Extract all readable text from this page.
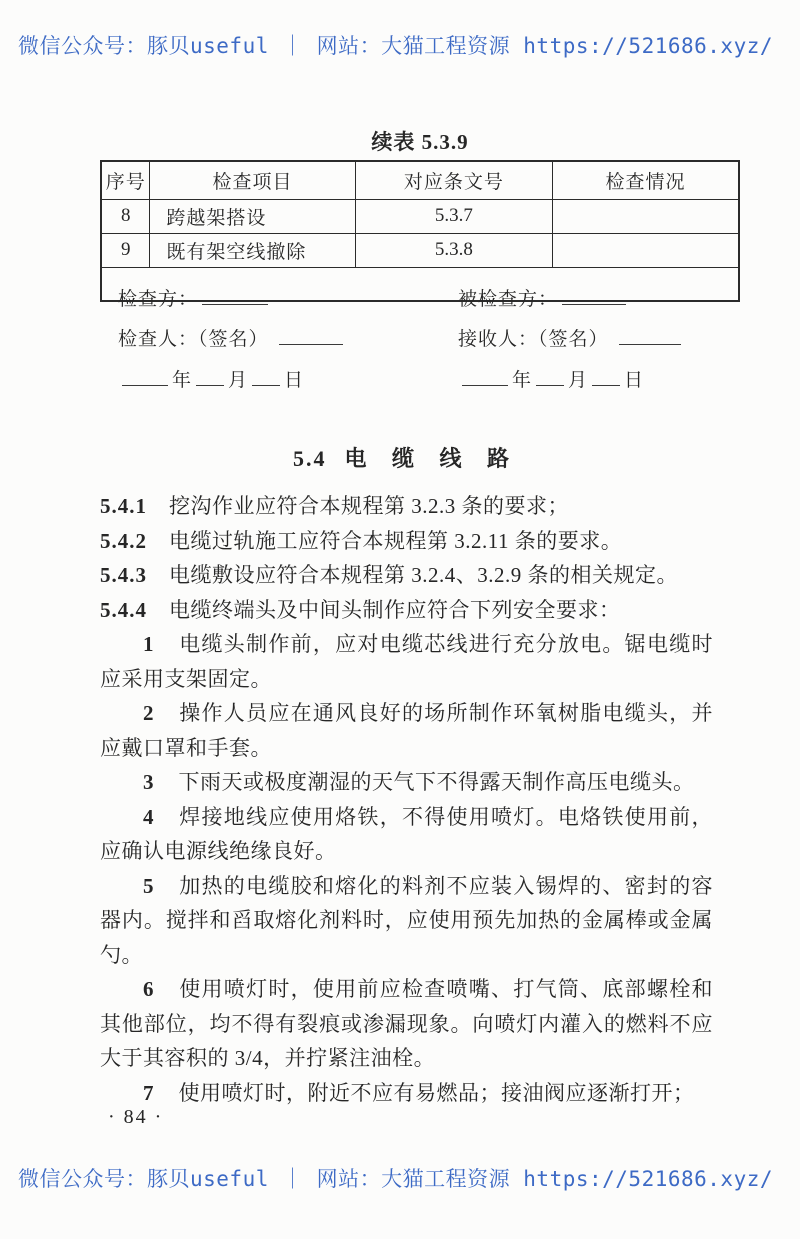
微信公众号：豚贝useful ｜ 网站：大猫工程资源 https://521686.xyz/
续表 5.3.9
序号	检查项目	对应条文号	检查情况
8	跨越架搭设	5.3.7	
9	既有架空线撤除	5.3.8	

检查方：	被检查方：
检查人：（签名）	接收人：（签名）
年 月 日	年 月 日
5.4 电 缆 线 路

5.4.1 挖沟作业应符合本规程第 3.2.3 条的要求；

5.4.2 电缆过轨施工应符合本规程第 3.2.11 条的要求。

5.4.3 电缆敷设应符合本规程第 3.2.4、3.2.9 条的相关规定。

5.4.4 电缆终端头及中间头制作应符合下列安全要求：

1 电缆头制作前，应对电缆芯线进行充分放电。锯电缆时应采用支架固定。

2 操作人员应在通风良好的场所制作环氧树脂电缆头，并应戴口罩和手套。

3 下雨天或极度潮湿的天气下不得露天制作高压电缆头。

4 焊接地线应使用烙铁，不得使用喷灯。电烙铁使用前，应确认电源线绝缘良好。

5 加热的电缆胶和熔化的料剂不应装入锡焊的、密封的容器内。搅拌和舀取熔化剂料时，应使用预先加热的金属棒或金属勺。

6 使用喷灯时，使用前应检查喷嘴、打气筒、底部螺栓和其他部位，均不得有裂痕或渗漏现象。向喷灯内灌入的燃料不应大于其容积的 3/4，并拧紧注油栓。

7 使用喷灯时，附近不应有易燃品；接油阀应逐渐打开；

· 84 ·
微信公众号：豚贝useful ｜ 网站：大猫工程资源 https://521686.xyz/
